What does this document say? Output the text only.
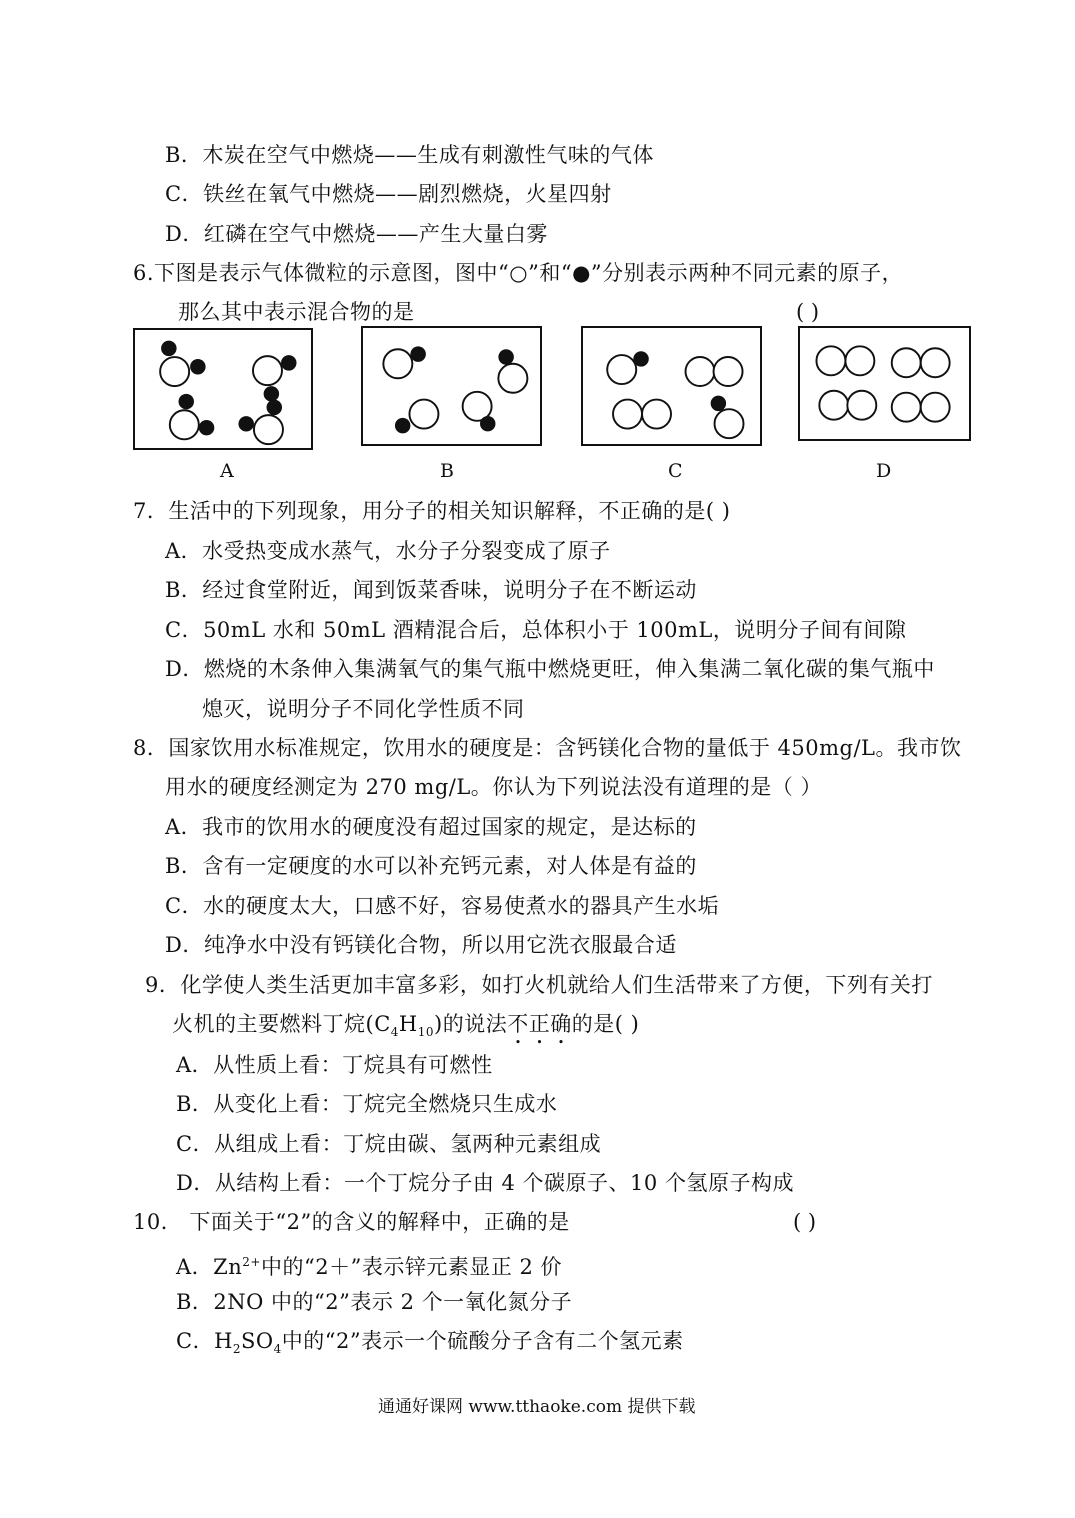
B．木炭在空气中燃烧——生成有刺激性气味的气体
C．铁丝在氧气中燃烧——剧烈燃烧，火星四射
D．红磷在空气中燃烧——产生大量白雾
6.下图是表示气体微粒的示意图，图中“○”和“●”分别表示两种不同元素的原子，
那么其中表示混合物的是	( )
A	B	C	D
7．生活中的下列现象，用分子的相关知识解释，不正确的是( )
A．水受热变成水蒸气，水分子分裂变成了原子
B．经过食堂附近，闻到饭菜香味，说明分子在不断运动
C．50mL 水和 50mL 酒精混合后，总体积小于 100mL，说明分子间有间隙
D．燃烧的木条伸入集满氧气的集气瓶中燃烧更旺，伸入集满二氧化碳的集气瓶中
熄灭，说明分子不同化学性质不同
8．国家饮用水标准规定，饮用水的硬度是：含钙镁化合物的量低于 450mg/L。我市饮
用水的硬度经测定为 270 mg/L。你认为下列说法没有道理的是（ ）
A．我市的饮用水的硬度没有超过国家的规定，是达标的
B．含有一定硬度的水可以补充钙元素，对人体是有益的
C．水的硬度太大，口感不好，容易使煮水的器具产生水垢
D．纯净水中没有钙镁化合物，所以用它洗衣服最合适
9．化学使人类生活更加丰富多彩，如打火机就给人们生活带来了方便，下列有关打
火机的主要燃料丁烷$(C_4H_{10})$的说法不正确的是( )
A．从性质上看：丁烷具有可燃性
B．从变化上看：丁烷完全燃烧只生成水
C．从组成上看：丁烷由碳、氢两种元素组成
D．从结构上看：一个丁烷分子由 4 个碳原子、10 个氢原子构成
10． 下面关于“2”的含义的解释中，正确的是	( )
A．$Zn^{2+}$中的“2＋”表示锌元素显正 2 价
B．2NO 中的“2”表示 2 个一氧化氮分子
C．$H_2SO_4$中的“2”表示一个硫酸分子含有二个氢元素
通通好课网 www.tthaoke.com 提供下载
